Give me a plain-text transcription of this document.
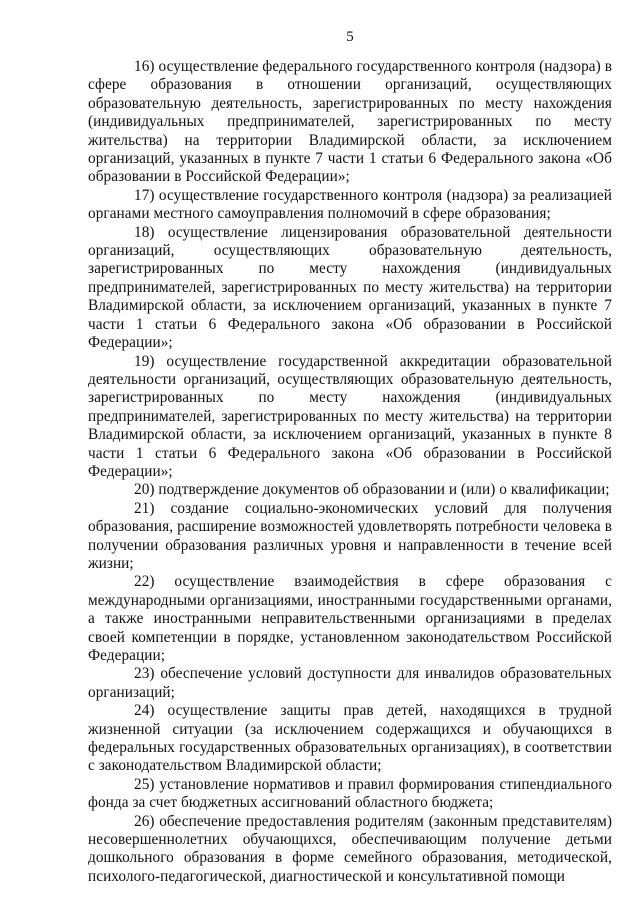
5

16) осуществление федерального государственного контроля (надзора) в сфере образования в отношении организаций, осуществляющих образовательную деятельность, зарегистрированных по месту нахождения (индивидуальных предпринимателей, зарегистрированных по месту жительства) на территории Владимирской области, за исключением организаций, указанных в пункте 7 части 1 статьи 6 Федерального закона «Об образовании в Российской Федерации»;

17) осуществление государственного контроля (надзора) за реализацией органами местного самоуправления полномочий в сфере образования;

18) осуществление лицензирования образовательной деятельности организаций, осуществляющих образовательную деятельность, зарегистрированных по месту нахождения (индивидуальных предпринимателей, зарегистрированных по месту жительства) на территории Владимирской области, за исключением организаций, указанных в пункте 7 части 1 статьи 6 Федерального закона «Об образовании в Российской Федерации»;

19) осуществление государственной аккредитации образовательной деятельности организаций, осуществляющих образовательную деятельность, зарегистрированных по месту нахождения (индивидуальных предпринимателей, зарегистрированных по месту жительства) на территории Владимирской области, за исключением организаций, указанных в пункте 8 части 1 статьи 6 Федерального закона «Об образовании в Российской Федерации»;

20) подтверждение документов об образовании и (или) о квалификации;

21) создание социально-экономических условий для получения образования, расширение возможностей удовлетворять потребности человека в получении образования различных уровня и направленности в течение всей жизни;

22) осуществление взаимодействия в сфере образования с международными организациями, иностранными государственными органами, а также иностранными неправительственными организациями в пределах своей компетенции в порядке, установленном законодательством Российской Федерации;

23) обеспечение условий доступности для инвалидов образовательных организаций;

24) осуществление защиты прав детей, находящихся в трудной жизненной ситуации (за исключением содержащихся и обучающихся в федеральных государственных образовательных организациях), в соответствии с законодательством Владимирской области;

25) установление нормативов и правил формирования стипендиального фонда за счет бюджетных ассигнований областного бюджета;

26) обеспечение предоставления родителям (законным представителям) несовершеннолетних обучающихся, обеспечивающим получение детьми дошкольного образования в форме семейного образования, методической, психолого-педагогической, диагностической и консультативной помощи
